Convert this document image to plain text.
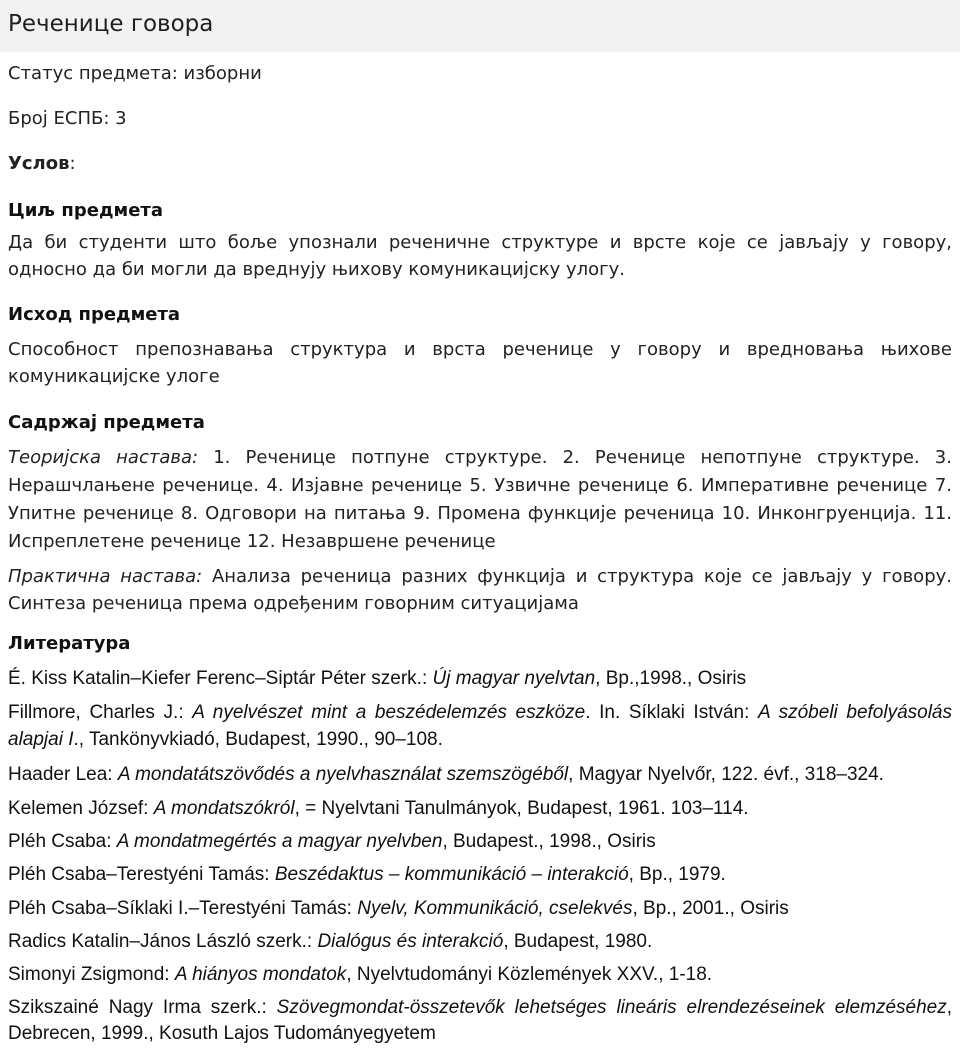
Реченице говора
Статус предмета: изборни
Број ЕСПБ: 3
Услов:
Циљ предмета
Да би студенти што боље упознали реченичне структуре и врсте које се јављају у говору, односно да би могли да вреднују њихову комуникацијску улогу.
Исход предмета
Способност препознавања структура и врста реченице у говору и вредновања њихове комуникацијске улоге
Садржај предмета
Теоријска настава: 1. Реченице потпуне структуре. 2. Реченице непотпуне структуре. 3. Нерашчлањене реченице. 4. Изјавне реченице 5. Узвичне реченице 6. Императивне реченице 7. Упитне реченице 8. Одговори на питања 9. Промена функције реченица 10. Инконгруенција. 11. Испреплетене реченице 12. Незавршене реченице
Практична настава: Анализа реченица разних функција и структура које се јављају у говору. Синтеза реченица према одређеним говорним ситуацијама
Литература
É. Kiss Katalin–Kiefer Ferenc–Siptár Péter szerk.: Új magyar nyelvtan, Bp.,1998., Osiris
Fillmore, Charles J.: A nyelvészet mint a beszédelemzés eszköze. In. Síklaki István: A szóbeli befolyásolás alapjai I., Tankönyvkiadó, Budapest, 1990., 90–108.
Haader Lea: A mondatátszövődés a nyelvhasználat szemszögéből, Magyar Nyelvőr, 122. évf., 318–324.
Kelemen József: A mondatszókról, = Nyelvtani Tanulmányok, Budapest, 1961. 103–114.
Pléh Csaba: A mondatmegértés a magyar nyelvben, Budapest., 1998., Osiris
Pléh Csaba–Terestyéni Tamás: Beszédaktus – kommunikáció – interakció, Bp., 1979.
Pléh Csaba–Síklaki I.–Terestyéni Tamás: Nyelv, Kommunikáció, cselekvés, Bp., 2001., Osiris
Radics Katalin–János László szerk.: Dialógus és interakció, Budapest, 1980.
Simonyi Zsigmond: A hiányos mondatok, Nyelvtudományi Közlemények XXV., 1-18.
Szikszainé Nagy Irma szerk.: Szövegmondat-összetevők lehetséges lineáris elrendezéseinek elemzéséhez, Debrecen, 1999., Kosuth Lajos Tudományegyetem
